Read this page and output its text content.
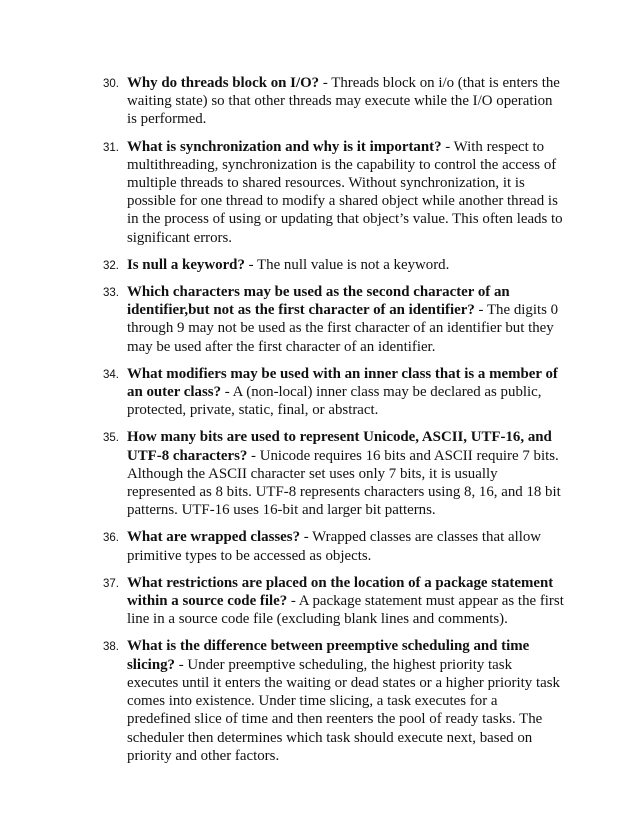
30. Why do threads block on I/O? - Threads block on i/o (that is enters the waiting state) so that other threads may execute while the I/O operation is performed.
31. What is synchronization and why is it important? - With respect to multithreading, synchronization is the capability to control the access of multiple threads to shared resources. Without synchronization, it is possible for one thread to modify a shared object while another thread is in the process of using or updating that object’s value. This often leads to significant errors.
32. Is null a keyword? - The null value is not a keyword.
33. Which characters may be used as the second character of an identifier,but not as the first character of an identifier? - The digits 0 through 9 may not be used as the first character of an identifier but they may be used after the first character of an identifier.
34. What modifiers may be used with an inner class that is a member of an outer class? - A (non-local) inner class may be declared as public, protected, private, static, final, or abstract.
35. How many bits are used to represent Unicode, ASCII, UTF-16, and UTF-8 characters? - Unicode requires 16 bits and ASCII require 7 bits. Although the ASCII character set uses only 7 bits, it is usually represented as 8 bits. UTF-8 represents characters using 8, 16, and 18 bit patterns. UTF-16 uses 16-bit and larger bit patterns.
36. What are wrapped classes? - Wrapped classes are classes that allow primitive types to be accessed as objects.
37. What restrictions are placed on the location of a package statement within a source code file? - A package statement must appear as the first line in a source code file (excluding blank lines and comments).
38. What is the difference between preemptive scheduling and time slicing? - Under preemptive scheduling, the highest priority task executes until it enters the waiting or dead states or a higher priority task comes into existence. Under time slicing, a task executes for a predefined slice of time and then reenters the pool of ready tasks. The scheduler then determines which task should execute next, based on priority and other factors.
